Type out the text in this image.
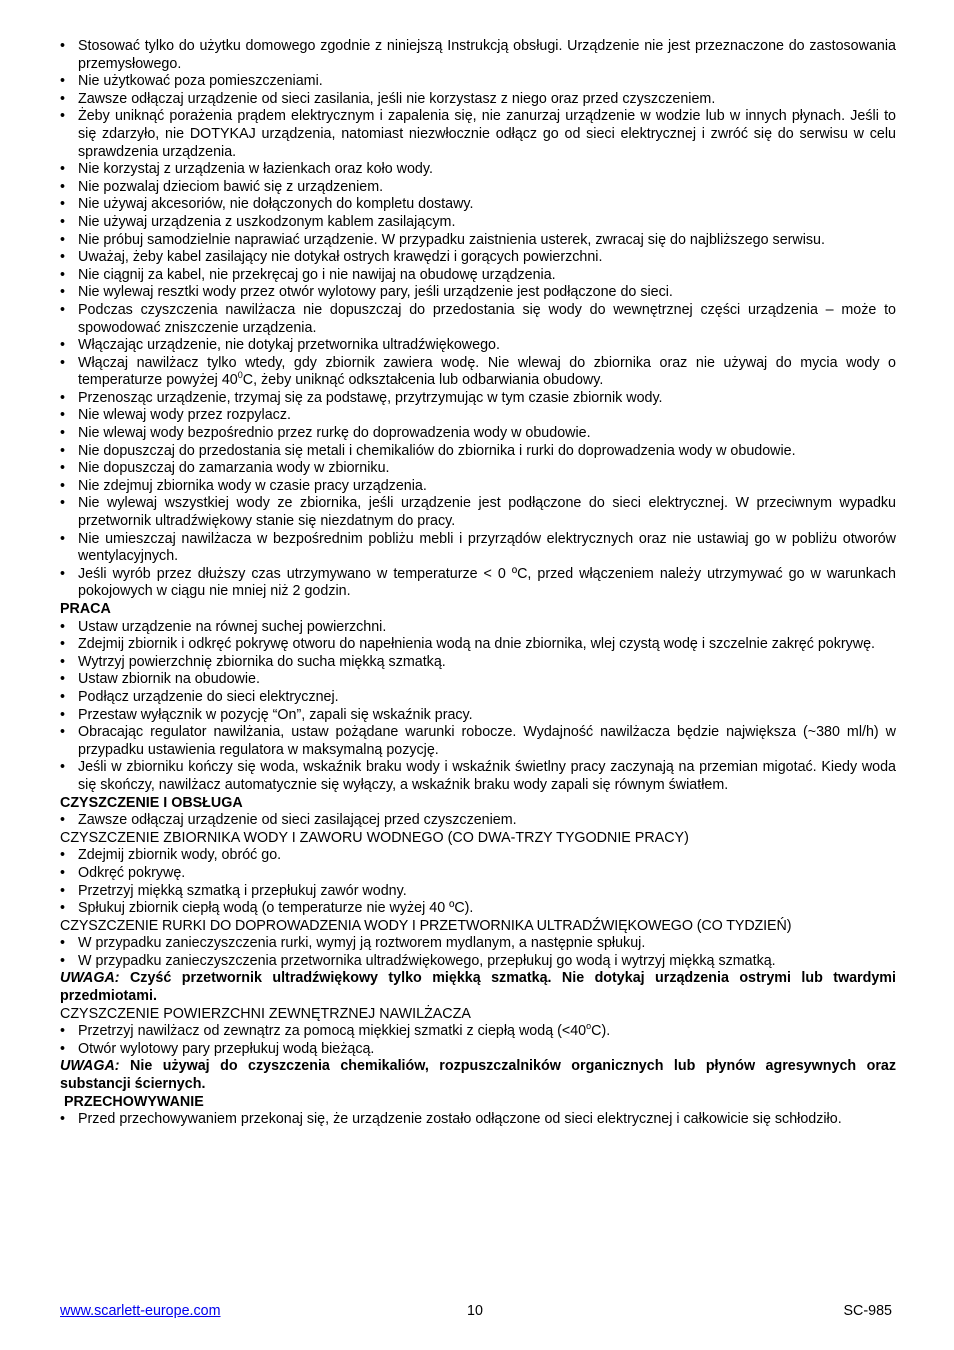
• Stosować tylko do użytku domowego zgodnie z niniejszą Instrukcją obsługi. Urządzenie nie jest przeznaczone do zastosowania przemysłowego.
• Nie użytkować poza pomieszczeniami.
• Zawsze odłączaj urządzenie od sieci zasilania, jeśli nie korzystasz z niego oraz przed czyszczeniem.
• Żeby uniknąć porażenia prądem elektrycznym i zapalenia się, nie zanurzaj urządzenie w wodzie lub w innych płynach. Jeśli to się zdarzyło, nie DOTYKAJ urządzenia, natomiast niezwłocznie odłącz go od sieci elektrycznej i zwróć się do serwisu w celu sprawdzenia urządzenia.
• Nie korzystaj z urządzenia w łazienkach oraz koło wody.
• Nie pozwalaj dzieciom bawić się z urządzeniem.
• Nie używaj akcesoriów, nie dołączonych do kompletu dostawy.
• Nie używaj urządzenia z uszkodzonym kablem zasilającym.
• Nie próbuj samodzielnie naprawiać urządzenie. W przypadku zaistnienia usterek, zwracaj się do najbliższego serwisu.
• Uważaj, żeby kabel zasilający nie dotykał ostrych krawędzi i gorących powierzchni.
• Nie ciągnij za kabel, nie przekręcaj go i nie nawijaj na obudowę urządzenia.
• Nie wylewaj resztki wody przez otwór wylotowy pary, jeśli urządzenie jest podłączone do sieci.
• Podczas czyszczenia nawilżacza nie dopuszczaj do przedostania się wody do wewnętrznej części urządzenia – może to spowodować zniszczenie urządzenia.
• Włączając urządzenie, nie dotykaj przetwornika ultradźwiękowego.
• Włączaj nawilżacz tylko wtedy, gdy zbiornik zawiera wodę. Nie wlewaj do zbiornika oraz nie używaj do mycia wody o temperaturze powyżej $40^0C$, żeby uniknąć odkształcenia lub odbarwiania obudowy.
• Przenosząc urządzenie, trzymaj się za podstawę, przytrzymując w tym czasie zbiornik wody.
• Nie wlewaj wody przez rozpylacz.
• Nie wlewaj wody bezpośrednio przez rurkę do doprowadzenia wody w obudowie.
• Nie dopuszczaj do przedostania się metali i chemikaliów do zbiornika i rurki do doprowadzenia wody w obudowie.
• Nie dopuszczaj do zamarzania wody w zbiorniku.
• Nie zdejmuj zbiornika wody w czasie pracy urządzenia.
• Nie wylewaj wszystkiej wody ze zbiornika, jeśli urządzenie jest podłączone do sieci elektrycznej. W przeciwnym wypadku przetwornik ultradźwiękowy stanie się niezdatnym do pracy.
• Nie umieszczaj nawilżacza w bezpośrednim pobliżu mebli i przyrządów elektrycznych oraz nie ustawiaj go w pobliżu otworów wentylacyjnych.
• Jeśli wyrób przez dłuższy czas utrzymywano w temperaturze < 0 ºC, przed włączeniem należy utrzymywać go w warunkach pokojowych w ciągu nie mniej niż 2 godzin.
PRACA
• Ustaw urządzenie na równej suchej powierzchni.
• Zdejmij zbiornik i odkręć pokrywę otworu do napełnienia wodą na dnie zbiornika, wlej czystą wodę i szczelnie zakręć pokrywę.
• Wytrzyj powierzchnię zbiornika do sucha miękką szmatką.
• Ustaw zbiornik na obudowie.
• Podłącz urządzenie do sieci elektrycznej.
• Przestaw wyłącznik w pozycję “On”, zapali się wskaźnik pracy.
• Obracając regulator nawilżania, ustaw pożądane warunki robocze. Wydajność nawilżacza będzie największa (~380 ml/h) w przypadku ustawienia regulatora w maksymalną pozycję.
• Jeśli w zbiorniku kończy się woda, wskaźnik braku wody i wskaźnik świetlny pracy zaczynają na przemian migotać. Kiedy woda się skończy, nawilżacz automatycznie się wyłączy, a wskaźnik braku wody zapali się równym światłem.
CZYSZCZENIE I OBSŁUGA
• Zawsze odłączaj urządzenie od sieci zasilającej przed czyszczeniem.
CZYSZCZENIE ZBIORNIKA WODY I ZAWORU WODNEGO (CO DWA-TRZY TYGODNIE PRACY)
• Zdejmij zbiornik wody, obróć go.
• Odkręć pokrywę.
• Przetrzyj miękką szmatką i przepłukuj zawór wodny.
• Spłukuj zbiornik ciepłą wodą (o temperaturze nie wyżej 40 ºC).
CZYSZCZENIE RURKI DO DOPROWADZENIA WODY I PRZETWORNIKA ULTRADŹWIĘKOWEGO (CO TYDZIEŃ)
• W przypadku zanieczyszczenia rurki, wymyj ją roztworem mydlanym, a następnie spłukuj.
• W przypadku zanieczyszczenia przetwornika ultradźwiękowego, przepłukuj go wodą i wytrzyj miękką szmatką.
UWAGA: Czyść przetwornik ultradźwiękowy tylko miękką szmatką. Nie dotykaj urządzenia ostrymi lub twardymi przedmiotami.
CZYSZCZENIE POWIERZCHNI ZEWNĘTRZNEJ NAWILŻACZA
• Przetrzyj nawilżacz od zewnątrz za pomocą miękkiej szmatki z ciepłą wodą $(<40^oC)$.
• Otwór wylotowy pary przepłukuj wodą bieżącą.
UWAGA: Nie używaj do czyszczenia chemikaliów, rozpuszczalników organicznych lub płynów agresywnych oraz substancji ściernych.
PRZECHOWYWANIE
• Przed przechowywaniem przekonaj się, że urządzenie zostało odłączone od sieci elektrycznej i całkowicie się schłodziło.
www.scarlett-europe.com	10	SC-985
